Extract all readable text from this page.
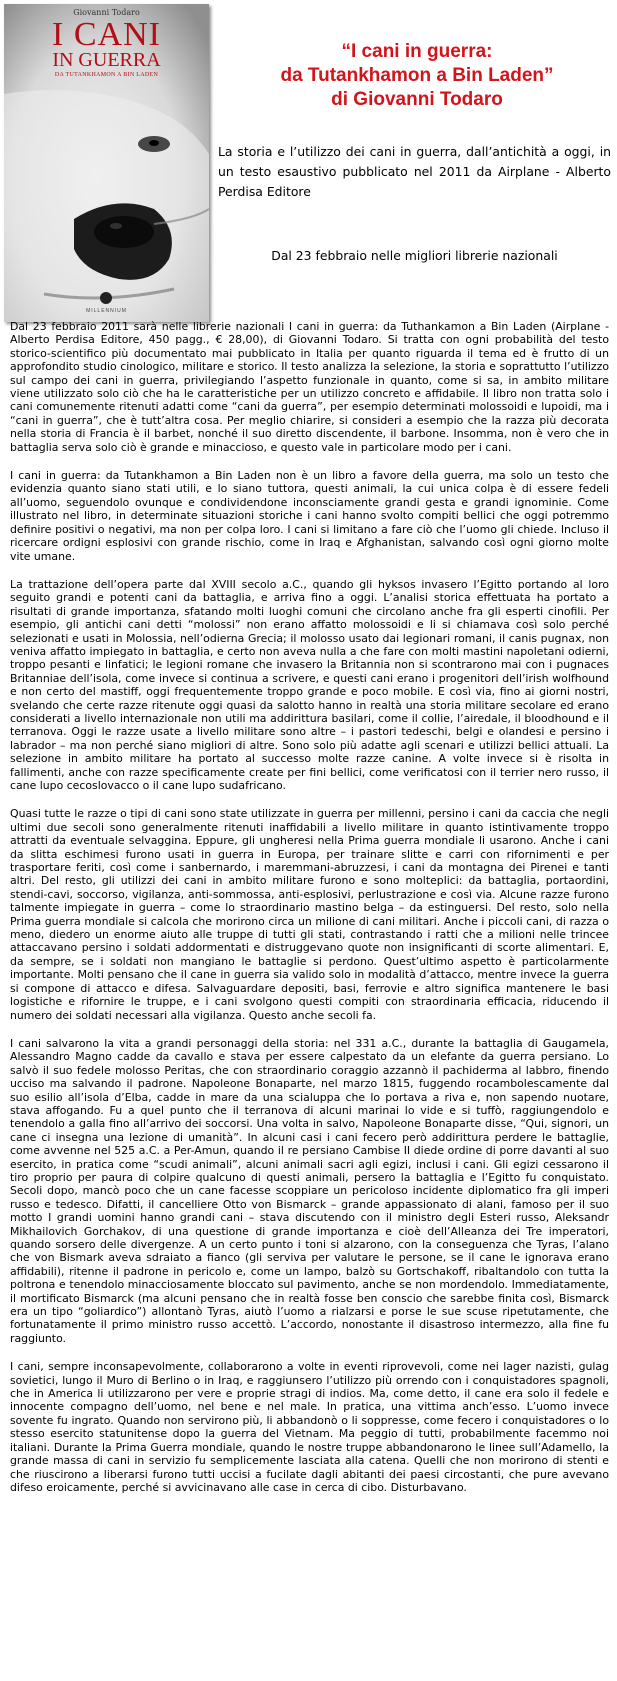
Giovanni Todaro
I CANI
IN GUERRA
DA TUTANKHAMON A BIN LADEN
MILLENNIUM
“I cani in guerra:
da Tutankhamon a Bin Laden”
di Giovanni Todaro
La storia e l’utilizzo dei cani in guerra, dall’antichità a oggi, in un testo esaustivo pubblicato nel 2011 da Airplane - Alberto Perdisa Editore
Dal 23 febbraio nelle migliori librerie nazionali

Dal 23 febbraio 2011 sarà nelle librerie nazionali I cani in guerra: da Tuthankamon a Bin Laden (Airplane - Alberto Perdisa Editore, 450 pagg., € 28,00), di Giovanni Todaro. Si tratta con ogni probabilità del testo storico-scientifico più documentato mai pubblicato in Italia per quanto riguarda il tema ed è frutto di un approfondito studio cinologico, militare e storico. Il testo analizza la selezione, la storia e soprattutto l’utilizzo sul campo dei cani in guerra, privilegiando l’aspetto funzionale in quanto, come si sa, in ambito militare viene utilizzato solo ciò che ha le caratteristiche per un utilizzo concreto e affidabile. Il libro non tratta solo i cani comunemente ritenuti adatti come “cani da guerra”, per esempio determinati molossoidi e lupoidi, ma i “cani in guerra”, che è tutt’altra cosa. Per meglio chiarire, si consideri a esempio che la razza più decorata nella storia di Francia è il barbet, nonché il suo diretto discendente, il barbone. Insomma, non è vero che in battaglia serva solo ciò è grande e minaccioso, e questo vale in particolare modo per i cani.

I cani in guerra: da Tutankhamon a Bin Laden non è un libro a favore della guerra, ma solo un testo che evidenzia quanto siano stati utili, e lo siano tuttora, questi animali, la cui unica colpa è di essere fedeli all’uomo, seguendolo ovunque e condividendone inconsciamente grandi gesta e grandi ignominie. Come illustrato nel libro, in determinate situazioni storiche i cani hanno svolto compiti bellici che oggi potremmo definire positivi o negativi, ma non per colpa loro. I cani si limitano a fare ciò che l’uomo gli chiede. Incluso il ricercare ordigni esplosivi con grande rischio, come in Iraq e Afghanistan, salvando così ogni giorno molte vite umane.

La trattazione dell’opera parte dal XVIII secolo a.C., quando gli hyksos invasero l’Egitto portando al loro seguito grandi e potenti cani da battaglia, e arriva fino a oggi. L’analisi storica effettuata ha portato a risultati di grande importanza, sfatando molti luoghi comuni che circolano anche fra gli esperti cinofili. Per esempio, gli antichi cani detti “molossi” non erano affatto molossoidi e li si chiamava così solo perché selezionati e usati in Molossia, nell’odierna Grecia; il molosso usato dai legionari romani, il canis pugnax, non veniva affatto impiegato in battaglia, e certo non aveva nulla a che fare con molti mastini napoletani odierni, troppo pesanti e linfatici; le legioni romane che invasero la Britannia non si scontrarono mai con i pugnaces Britanniae dell’isola, come invece si continua a scrivere, e questi cani erano i progenitori dell’irish wolfhound e non certo del mastiff, oggi frequentemente troppo grande e poco mobile. E così via, fino ai giorni nostri, svelando che certe razze ritenute oggi quasi da salotto hanno in realtà una storia militare secolare ed erano considerati a livello internazionale non utili ma addirittura basilari, come il collie, l’airedale, il bloodhound e il terranova. Oggi le razze usate a livello militare sono altre – i pastori tedeschi, belgi e olandesi e persino i labrador – ma non perché siano migliori di altre. Sono solo più adatte agli scenari e utilizzi bellici attuali. La selezione in ambito militare ha portato al successo molte razze canine. A volte invece si è risolta in fallimenti, anche con razze specificamente create per fini bellici, come verificatosi con il terrier nero russo, il cane lupo cecoslovacco o il cane lupo sudafricano.

Quasi tutte le razze o tipi di cani sono state utilizzate in guerra per millenni, persino i cani da caccia che negli ultimi due secoli sono generalmente ritenuti inaffidabili a livello militare in quanto istintivamente troppo attratti da eventuale selvaggina. Eppure, gli ungheresi nella Prima guerra mondiale li usarono. Anche i cani da slitta eschimesi furono usati in guerra in Europa, per trainare slitte e carri con rifornimenti e per trasportare feriti, così come i sanbernardo, i maremmani-abruzzesi, i cani da montagna dei Pirenei e tanti altri. Del resto, gli utilizzi dei cani in ambito militare furono e sono molteplici: da battaglia, portaordini, stendi-cavi, soccorso, vigilanza, anti-sommossa, anti-esplosivi, perlustrazione e così via. Alcune razze furono talmente impiegate in guerra – come lo straordinario mastino belga – da estinguersi. Del resto, solo nella Prima guerra mondiale si calcola che morirono circa un milione di cani militari. Anche i piccoli cani, di razza o meno, diedero un enorme aiuto alle truppe di tutti gli stati, contrastando i ratti che a milioni nelle trincee attaccavano persino i soldati addormentati e distruggevano quote non insignificanti di scorte alimentari. E, da sempre, se i soldati non mangiano le battaglie si perdono. Quest’ultimo aspetto è particolarmente importante. Molti pensano che il cane in guerra sia valido solo in modalità d’attacco, mentre invece la guerra si compone di attacco e difesa. Salvaguardare depositi, basi, ferrovie e altro significa mantenere le basi logistiche e rifornire le truppe, e i cani svolgono questi compiti con straordinaria efficacia, riducendo il numero dei soldati necessari alla vigilanza. Questo anche secoli fa.

I cani salvarono la vita a grandi personaggi della storia: nel 331 a.C., durante la battaglia di Gaugamela, Alessandro Magno cadde da cavallo e stava per essere calpestato da un elefante da guerra persiano. Lo salvò il suo fedele molosso Peritas, che con straordinario coraggio azzannò il pachiderma al labbro, finendo ucciso ma salvando il padrone. Napoleone Bonaparte, nel marzo 1815, fuggendo rocambolescamente dal suo esilio all’isola d’Elba, cadde in mare da una scialuppa che lo portava a riva e, non sapendo nuotare, stava affogando. Fu a quel punto che il terranova di alcuni marinai lo vide e si tuffò, raggiungendolo e tenendolo a galla fino all’arrivo dei soccorsi. Una volta in salvo, Napoleone Bonaparte disse, “Qui, signori, un cane ci insegna una lezione di umanità”. In alcuni casi i cani fecero però addirittura perdere le battaglie, come avvenne nel 525 a.C. a Per-Amun, quando il re persiano Cambise II diede ordine di porre davanti al suo esercito, in pratica come “scudi animali”, alcuni animali sacri agli egizi, inclusi i cani. Gli egizi cessarono il tiro proprio per paura di colpire qualcuno di questi animali, persero la battaglia e l’Egitto fu conquistato. Secoli dopo, mancò poco che un cane facesse scoppiare un pericoloso incidente diplomatico fra gli imperi russo e tedesco. Difatti, il cancelliere Otto von Bismarck – grande appassionato di alani, famoso per il suo motto I grandi uomini hanno grandi cani – stava discutendo con il ministro degli Esteri russo, Aleksandr Mikhailovich Gorchakov, di una questione di grande importanza e cioè dell’Alleanza dei Tre imperatori, quando sorsero delle divergenze. A un certo punto i toni si alzarono, con la conseguenza che Tyras, l’alano che von Bismark aveva sdraiato a fianco (gli serviva per valutare le persone, se il cane le ignorava erano affidabili), ritenne il padrone in pericolo e, come un lampo, balzò su Gortschakoff, ribaltandolo con tutta la poltrona e tenendolo minacciosamente bloccato sul pavimento, anche se non mordendolo. Immediatamente, il mortificato Bismarck (ma alcuni pensano che in realtà fosse ben conscio che sarebbe finita così, Bismarck era un tipo “goliardico”) allontanò Tyras, aiutò l’uomo a rialzarsi e porse le sue scuse ripetutamente, che fortunatamente il primo ministro russo accettò. L’accordo, nonostante il disastroso intermezzo, alla fine fu raggiunto.

I cani, sempre inconsapevolmente, collaborarono a volte in eventi riprovevoli, come nei lager nazisti, gulag sovietici, lungo il Muro di Berlino o in Iraq, e raggiunsero l’utilizzo più orrendo con i conquistadores spagnoli, che in America li utilizzarono per vere e proprie stragi di indios. Ma, come detto, il cane era solo il fedele e innocente compagno dell’uomo, nel bene e nel male. In pratica, una vittima anch’esso. L’uomo invece sovente fu ingrato. Quando non servirono più, li abbandonò o li soppresse, come fecero i conquistadores o lo stesso esercito statunitense dopo la guerra del Vietnam. Ma peggio di tutti, probabilmente facemmo noi italiani. Durante la Prima Guerra mondiale, quando le nostre truppe abbandonarono le linee sull’Adamello, la grande massa di cani in servizio fu semplicemente lasciata alla catena. Quelli che non morirono di stenti e che riuscirono a liberarsi furono tutti uccisi a fucilate dagli abitanti dei paesi circostanti, che pure avevano difeso eroicamente, perché si avvicinavano alle case in cerca di cibo. Disturbavano.
